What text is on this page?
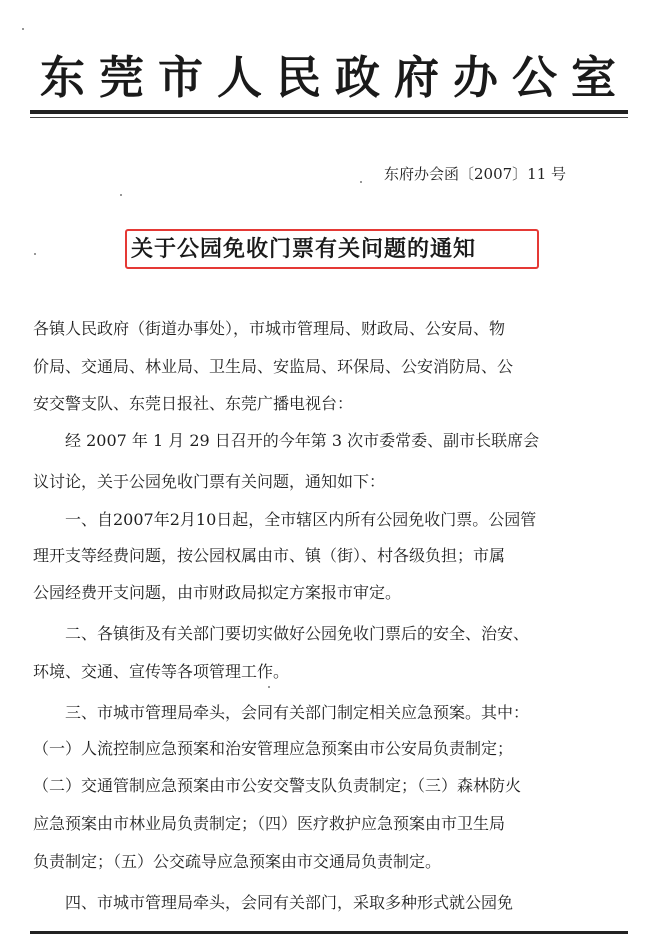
东莞市人民政府办公室
东府办会函〔2007〕11 号
关于公园免收门票有关问题的通知
各镇人民政府（街道办事处），市城市管理局、财政局、公安局、物
价局、交通局、林业局、卫生局、安监局、环保局、公安消防局、公
安交警支队、东莞日报社、东莞广播电视台：
　　经 2007 年 1 月 29 日召开的今年第 3 次市委常委、副市长联席会
议讨论，关于公园免收门票有关问题，通知如下：
　　一、自2007年2月10日起，全市辖区内所有公园免收门票。公园管
理开支等经费问题，按公园权属由市、镇（街）、村各级负担；市属
公园经费开支问题，由市财政局拟定方案报市审定。
　　二、各镇街及有关部门要切实做好公园免收门票后的安全、治安、
环境、交通、宣传等各项管理工作。
　　三、市城市管理局牵头，会同有关部门制定相关应急预案。其中：
（一）人流控制应急预案和治安管理应急预案由市公安局负责制定；
（二）交通管制应急预案由市公安交警支队负责制定；（三）森林防火
应急预案由市林业局负责制定；（四）医疗救护应急预案由市卫生局
负责制定；（五）公交疏导应急预案由市交通局负责制定。
　　四、市城市管理局牵头，会同有关部门，采取多种形式就公园免
